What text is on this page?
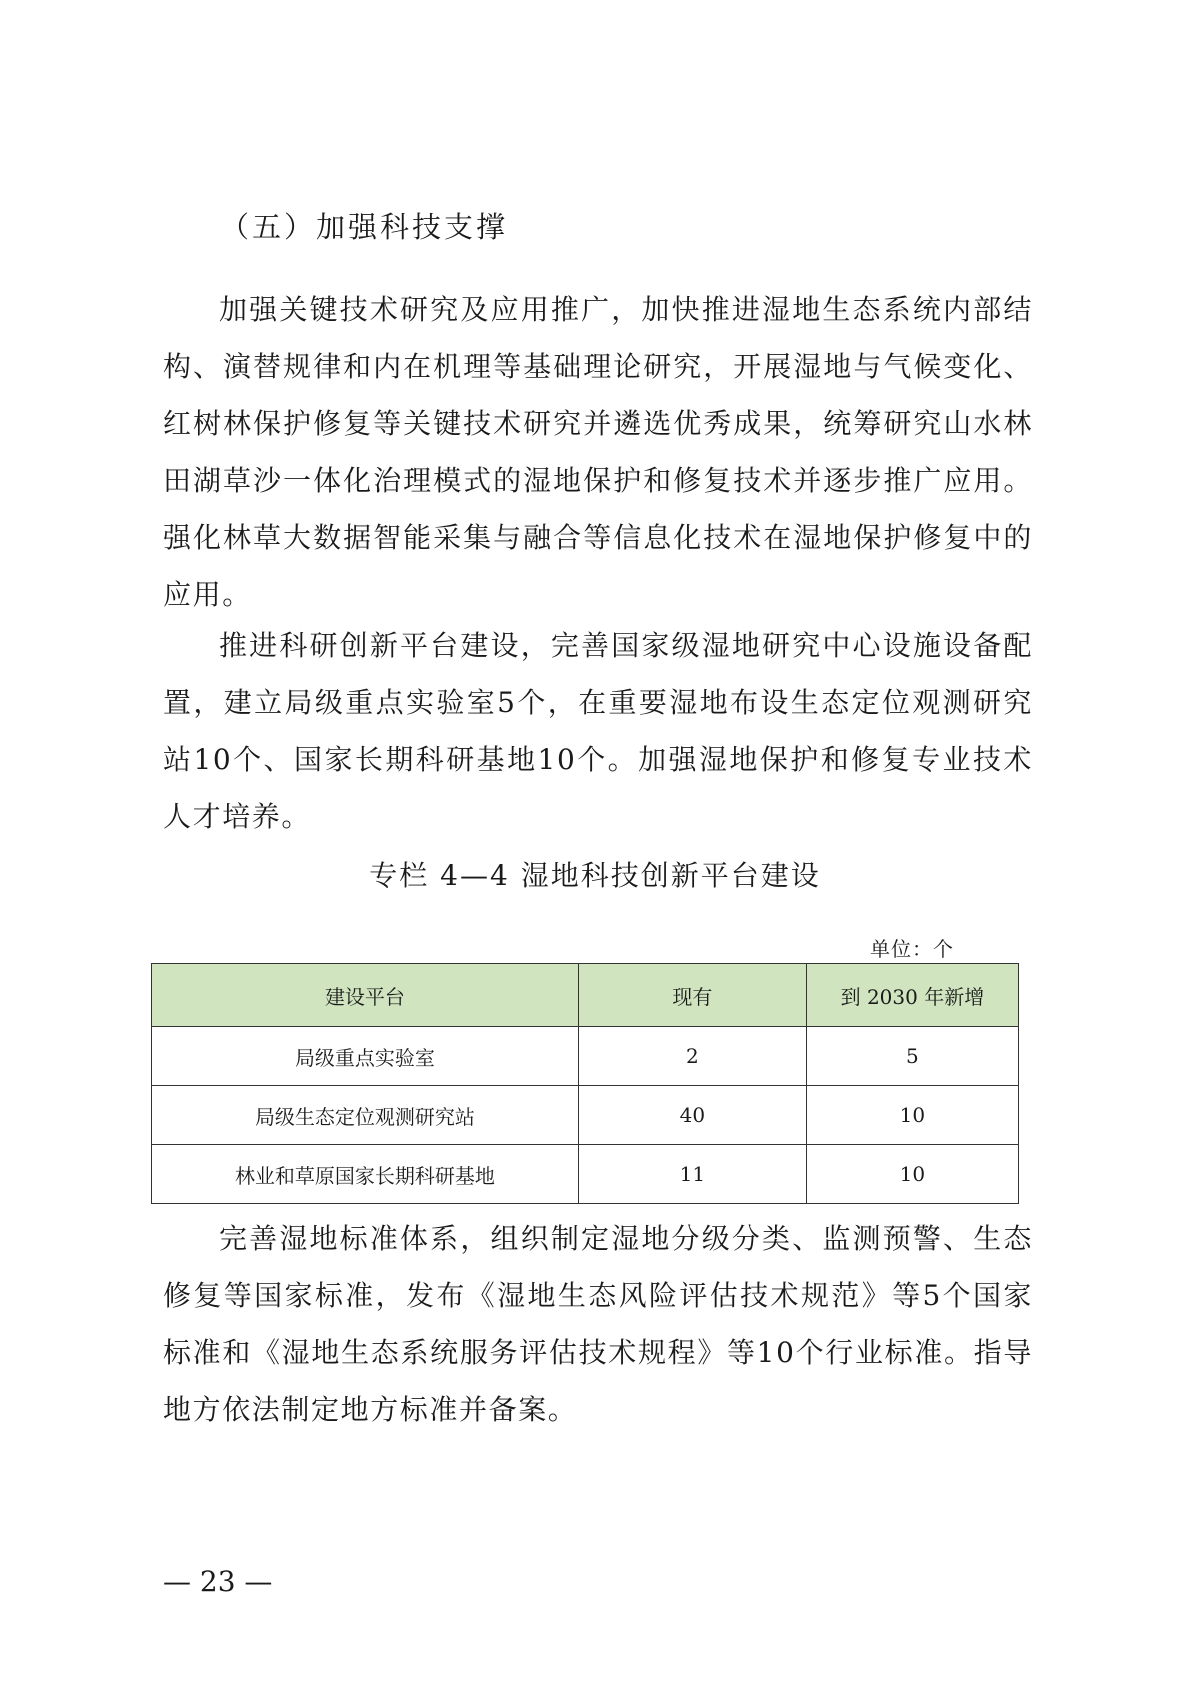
（五）加强科技支撑

加强关键技术研究及应用推广，加快推进湿地生态系统内部结构、演替规律和内在机理等基础理论研究，开展湿地与气候变化、红树林保护修复等关键技术研究并遴选优秀成果，统筹研究山水林田湖草沙一体化治理模式的湿地保护和修复技术并逐步推广应用。强化林草大数据智能采集与融合等信息化技术在湿地保护修复中的应用。

推进科研创新平台建设，完善国家级湿地研究中心设施设备配置，建立局级重点实验室5个，在重要湿地布设生态定位观测研究站10个、国家长期科研基地10个。加强湿地保护和修复专业技术人才培养。

专栏 4—4 湿地科技创新平台建设
单位：个
建设平台	现有	到 2030 年新增
局级重点实验室	2	5
局级生态定位观测研究站	40	10
林业和草原国家长期科研基地	11	10

完善湿地标准体系，组织制定湿地分级分类、监测预警、生态修复等国家标准，发布《湿地生态风险评估技术规范》等5个国家标准和《湿地生态系统服务评估技术规程》等10个行业标准。指导地方依法制定地方标准并备案。

— 23 —
